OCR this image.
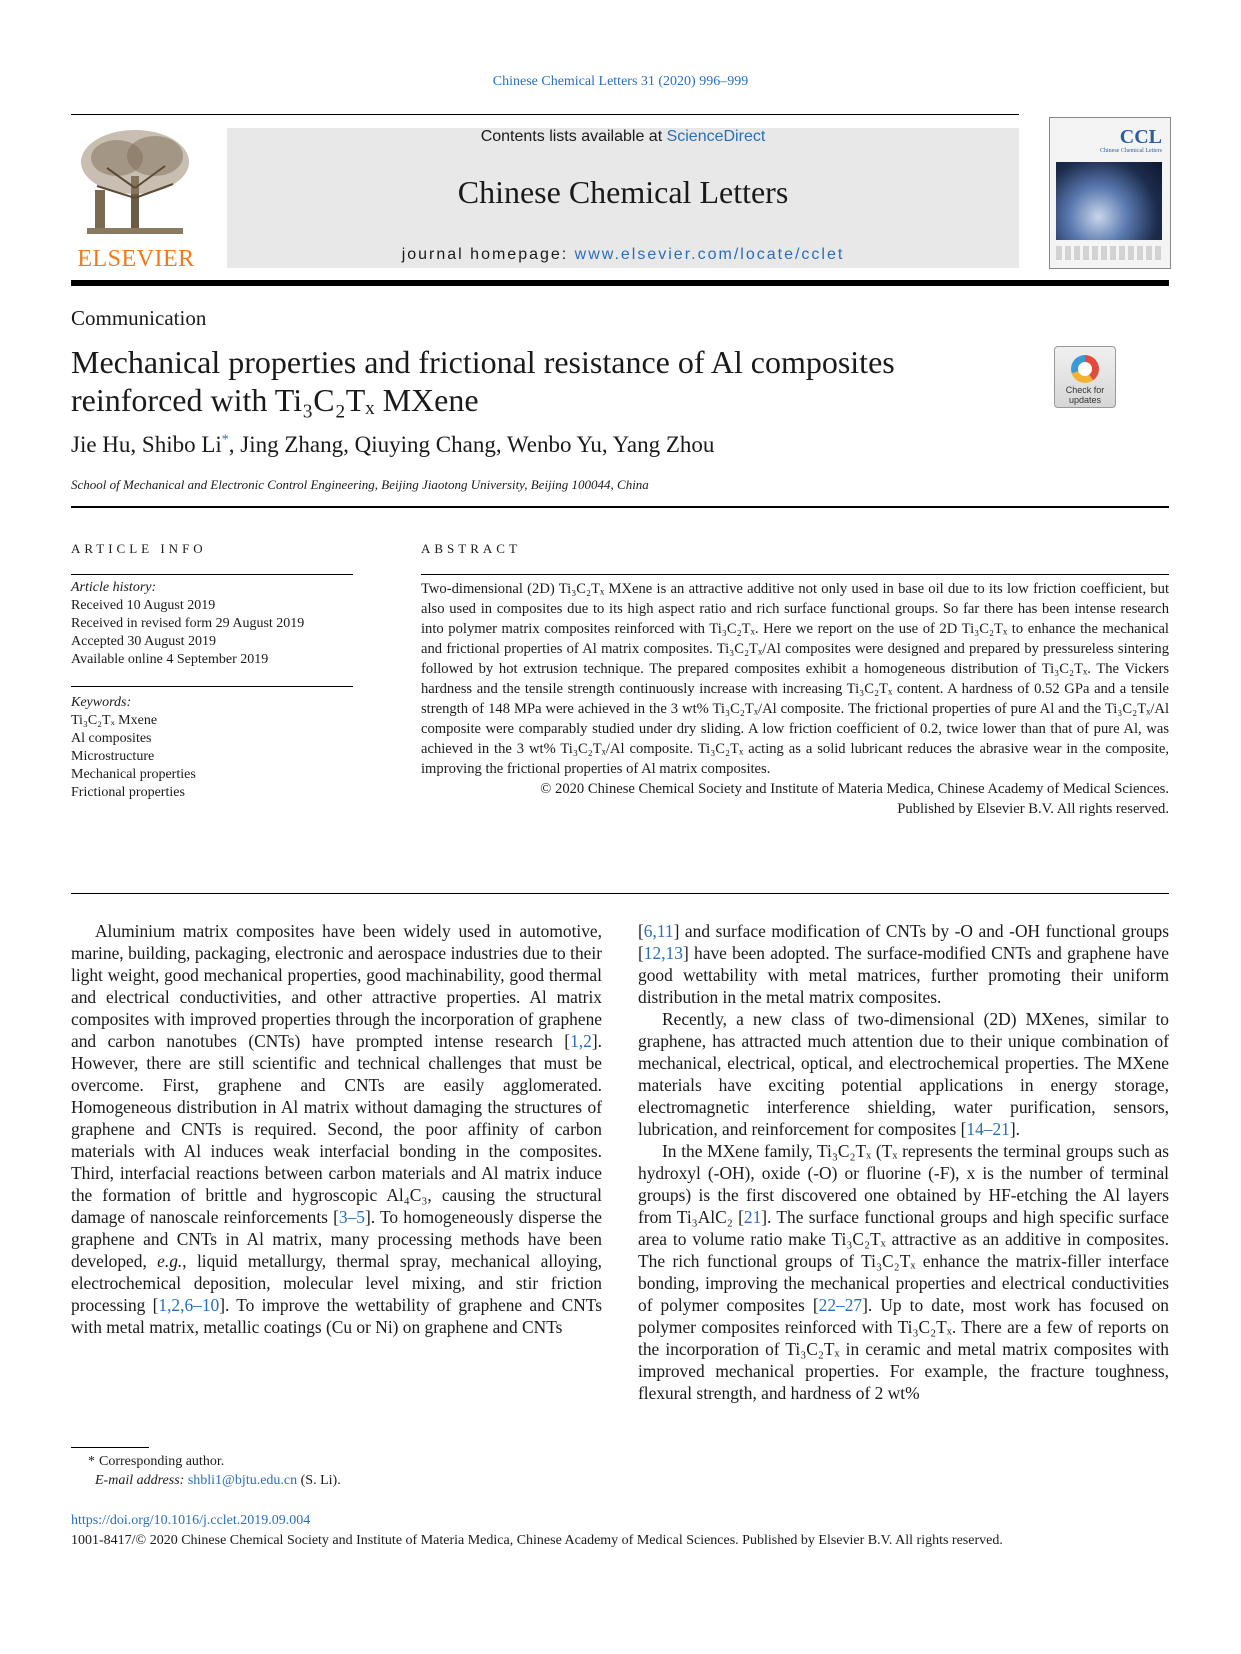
Chinese Chemical Letters 31 (2020) 996–999
ELSEVIER
Contents lists available at ScienceDirect
Chinese Chemical Letters
journal homepage: www.elsevier.com/locate/cclet
CCL
Chinese Chemical Letters
Communication
Mechanical properties and frictional resistance of Al composites
reinforced with Ti₃C₂Tₓ MXene	Check for updates
Jie Hu, Shibo Li*, Jing Zhang, Qiuying Chang, Wenbo Yu, Yang Zhou
School of Mechanical and Electronic Control Engineering, Beijing Jiaotong University, Beijing 100044, China
ARTICLE INFO
Article history:
Received 10 August 2019
Received in revised form 29 August 2019
Accepted 30 August 2019
Available online 4 September 2019
Keywords:
Ti₃C₂Tₓ Mxene
Al composites
Microstructure
Mechanical properties
Frictional properties
ABSTRACT

Two-dimensional (2D) Ti₃C₂Tₓ MXene is an attractive additive not only used in base oil due to its low friction coefficient, but also used in composites due to its high aspect ratio and rich surface functional groups. So far there has been intense research into polymer matrix composites reinforced with Ti₃C₂Tₓ. Here we report on the use of 2D Ti₃C₂Tₓ to enhance the mechanical and frictional properties of Al matrix composites. Ti₃C₂Tₓ/Al composites were designed and prepared by pressureless sintering followed by hot extrusion technique. The prepared composites exhibit a homogeneous distribution of Ti₃C₂Tₓ. The Vickers hardness and the tensile strength continuously increase with increasing Ti₃C₂Tₓ content. A hardness of 0.52 GPa and a tensile strength of 148 MPa were achieved in the 3 wt% Ti₃C₂Tₓ/Al composite. The frictional properties of pure Al and the Ti₃C₂Tₓ/Al composite were comparably studied under dry sliding. A low friction coefficient of 0.2, twice lower than that of pure Al, was achieved in the 3 wt% Ti₃C₂Tₓ/Al composite. Ti₃C₂Tₓ acting as a solid lubricant reduces the abrasive wear in the composite, improving the frictional properties of Al matrix composites.

© 2020 Chinese Chemical Society and Institute of Materia Medica, Chinese Academy of Medical Sciences.

Published by Elsevier B.V. All rights reserved.

Aluminium matrix composites have been widely used in automotive, marine, building, packaging, electronic and aerospace industries due to their light weight, good mechanical properties, good machinability, good thermal and electrical conductivities, and other attractive properties. Al matrix composites with improved properties through the incorporation of graphene and carbon nanotubes (CNTs) have prompted intense research [1,2]. However, there are still scientific and technical challenges that must be overcome. First, graphene and CNTs are easily agglomerated. Homogeneous distribution in Al matrix without damaging the structures of graphene and CNTs is required. Second, the poor affinity of carbon materials with Al induces weak interfacial bonding in the composites. Third, interfacial reactions between carbon materials and Al matrix induce the formation of brittle and hygroscopic Al₄C₃, causing the structural damage of nanoscale reinforcements [3–5]. To homogeneously disperse the graphene and CNTs in Al matrix, many processing methods have been developed, e.g., liquid metallurgy, thermal spray, mechanical alloying, electrochemical deposition, molecular level mixing, and stir friction processing [1,2,6–10]. To improve the wettability of graphene and CNTs with metal matrix, metallic coatings (Cu or Ni) on graphene and CNTs

[6,11] and surface modification of CNTs by -O and -OH functional groups [12,13] have been adopted. The surface-modified CNTs and graphene have good wettability with metal matrices, further promoting their uniform distribution in the metal matrix composites.

Recently, a new class of two-dimensional (2D) MXenes, similar to graphene, has attracted much attention due to their unique combination of mechanical, electrical, optical, and electrochemical properties. The MXene materials have exciting potential applications in energy storage, electromagnetic interference shielding, water purification, sensors, lubrication, and reinforcement for composites [14–21].

In the MXene family, Ti₃C₂Tₓ (Tₓ represents the terminal groups such as hydroxyl (-OH), oxide (-O) or fluorine (-F), x is the number of terminal groups) is the first discovered one obtained by HF-etching the Al layers from Ti₃AlC₂ [21]. The surface functional groups and high specific surface area to volume ratio make Ti₃C₂Tₓ attractive as an additive in composites. The rich functional groups of Ti₃C₂Tₓ enhance the matrix-filler interface bonding, improving the mechanical properties and electrical conductivities of polymer composites [22–27]. Up to date, most work has focused on polymer composites reinforced with Ti₃C₂Tₓ. There are a few of reports on the incorporation of Ti₃C₂Tₓ in ceramic and metal matrix composites with improved mechanical properties. For example, the fracture toughness, flexural strength, and hardness of 2 wt%

* Corresponding author.
E-mail address: shbli1@bjtu.edu.cn (S. Li).
https://doi.org/10.1016/j.cclet.2019.09.004
1001-8417/© 2020 Chinese Chemical Society and Institute of Materia Medica, Chinese Academy of Medical Sciences. Published by Elsevier B.V. All rights reserved.
